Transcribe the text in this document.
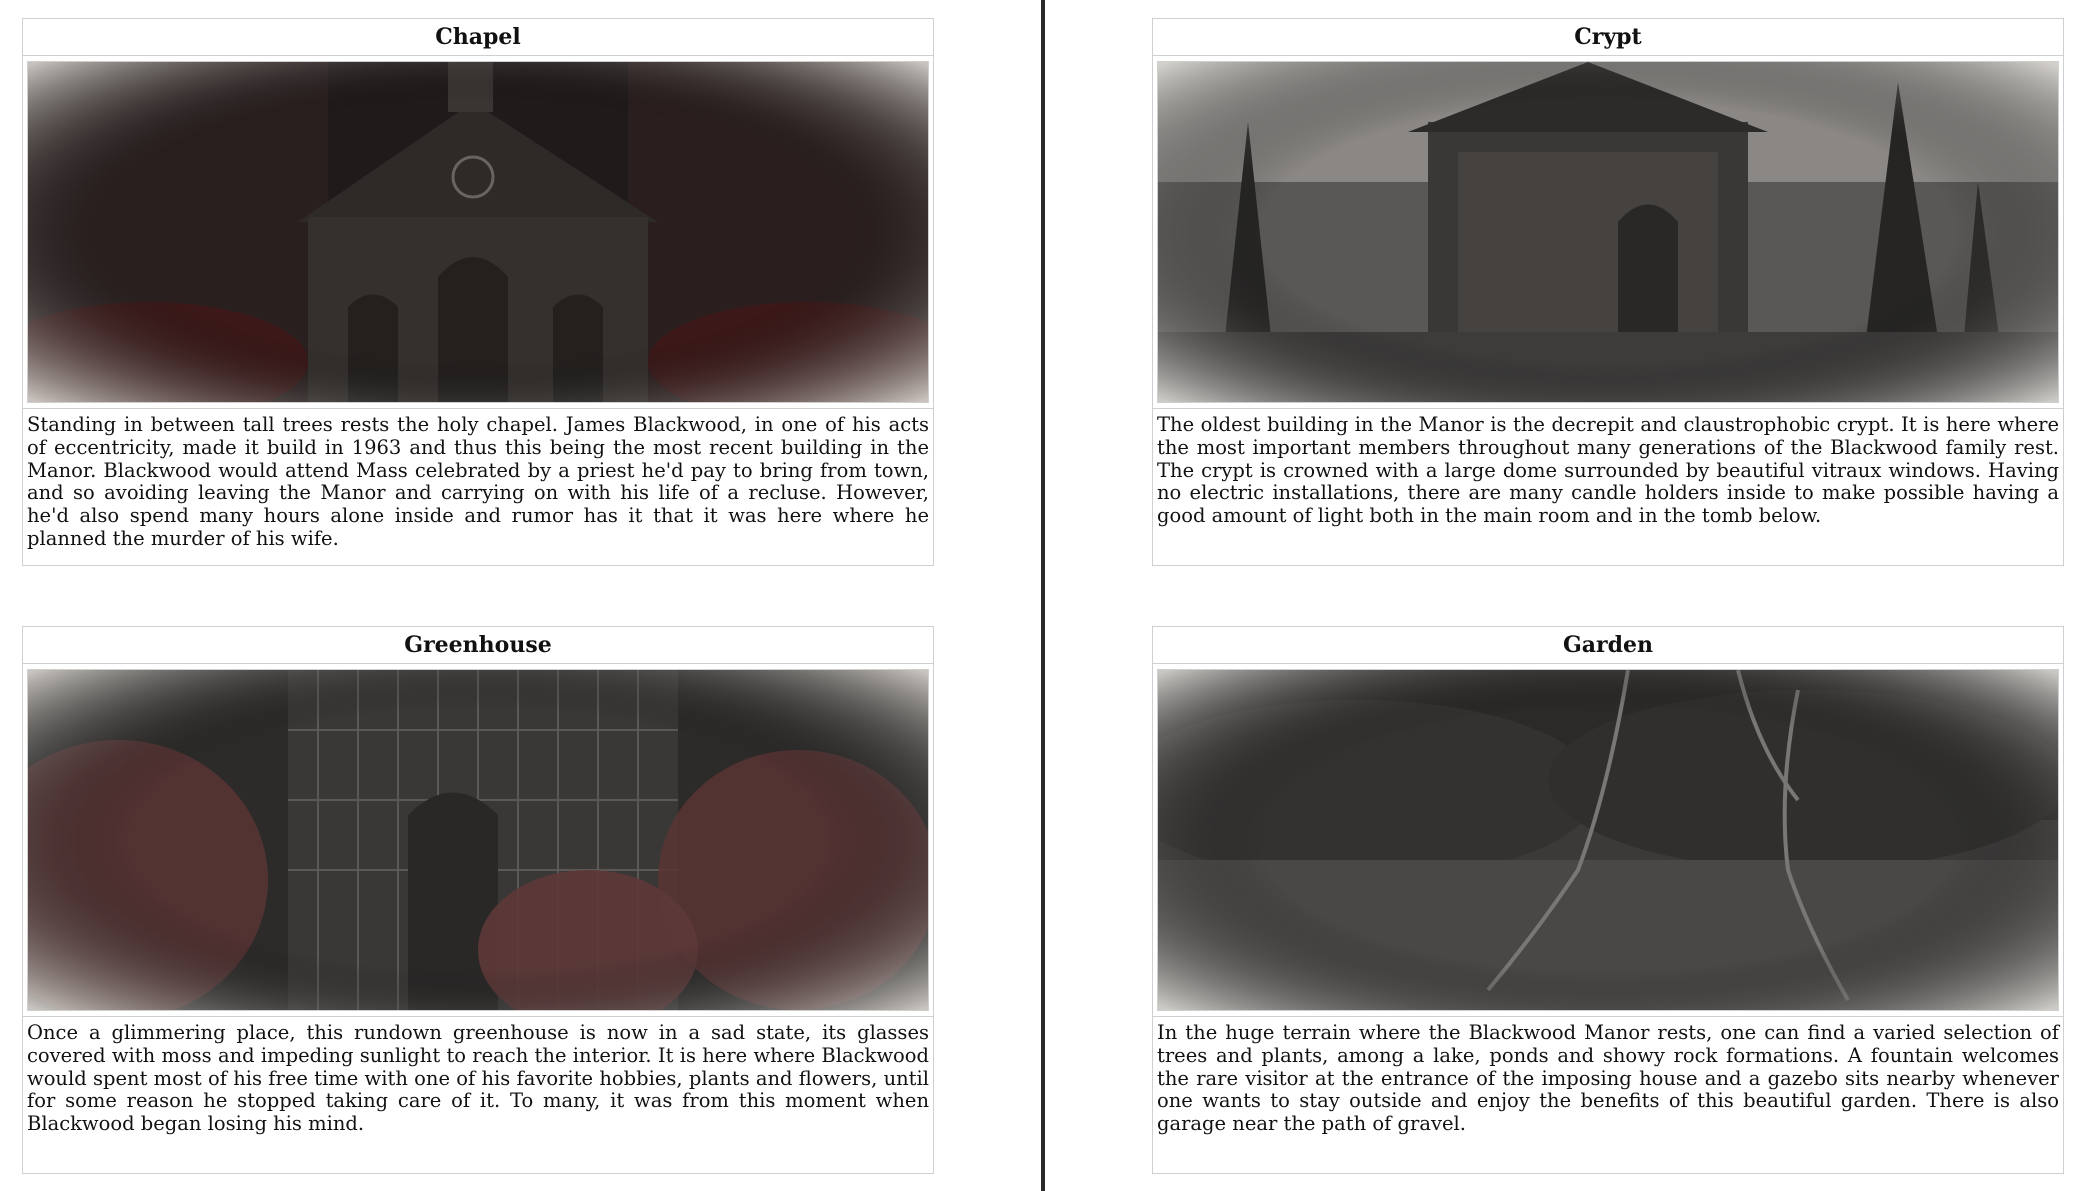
Chapel
Standing in between tall trees rests the holy chapel. James Blackwood, in one of his acts of eccentricity, made it build in 1963 and thus this being the most recent building in the Manor. Blackwood would attend Mass celebrated by a priest he'd pay to bring from town, and so avoiding leaving the Manor and carrying on with his life of a recluse. However, he'd also spend many hours alone inside and rumor has it that it was here where he planned the murder of his wife.
Crypt
The oldest building in the Manor is the decrepit and claustrophobic crypt. It is here where the most important members throughout many generations of the Blackwood family rest. The crypt is crowned with a large dome surrounded by beautiful vitraux windows. Having no electric installations, there are many candle holders inside to make possible having a good amount of light both in the main room and in the tomb below.
Greenhouse
Once a glimmering place, this rundown greenhouse is now in a sad state, its glasses covered with moss and impeding sunlight to reach the interior. It is here where Blackwood would spent most of his free time with one of his favorite hobbies, plants and flowers, until for some reason he stopped taking care of it. To many, it was from this moment when Blackwood began losing his mind.
Garden
In the huge terrain where the Blackwood Manor rests, one can find a varied selection of trees and plants, among a lake, ponds and showy rock formations. A fountain welcomes the rare visitor at the entrance of the imposing house and a gazebo sits nearby whenever one wants to stay outside and enjoy the benefits of this beautiful garden. There is also garage near the path of gravel.
